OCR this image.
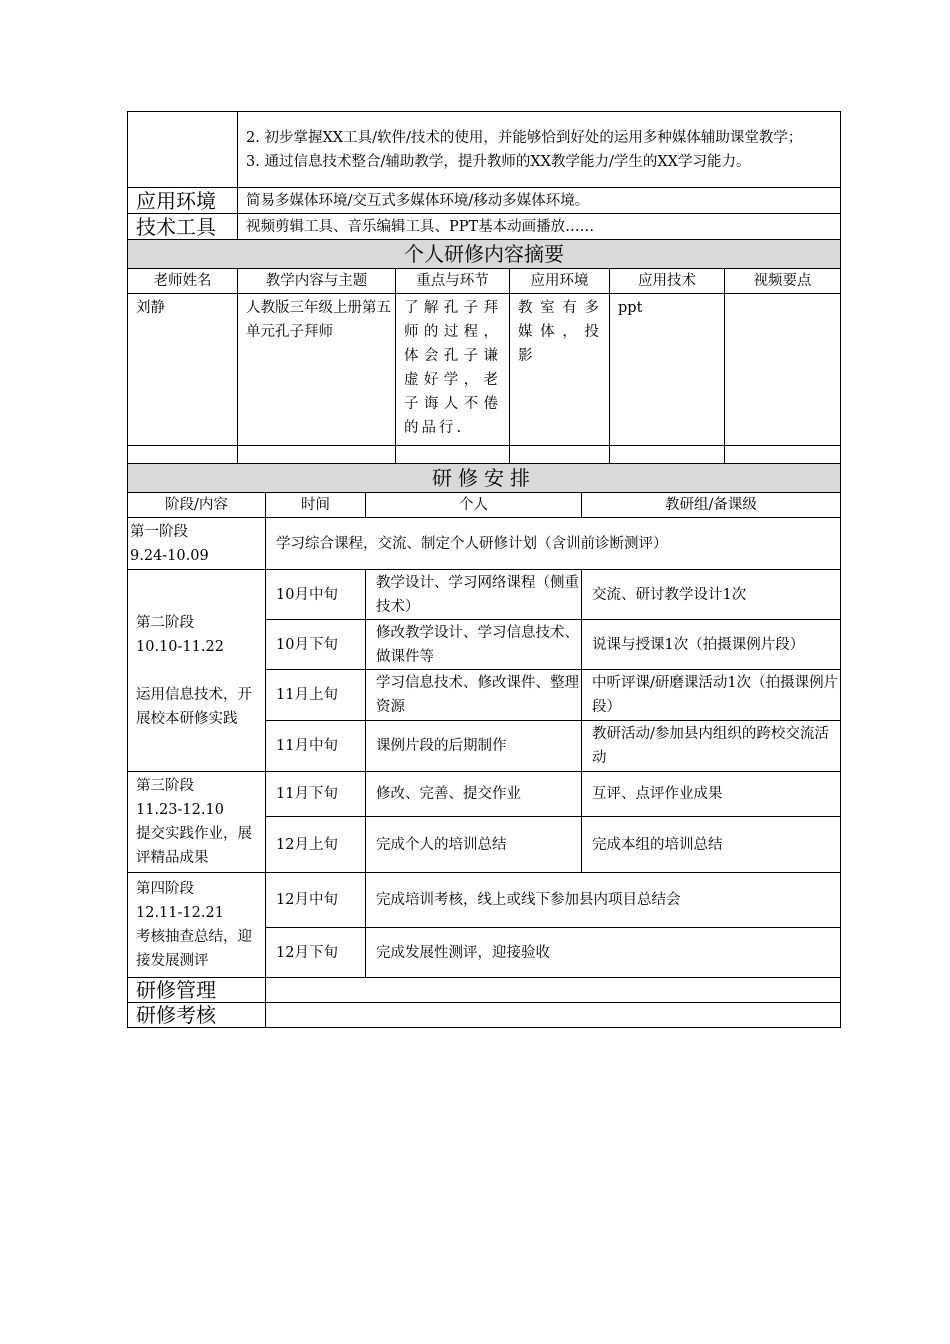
	2. 初步掌握XX工具/软件/技术的使用，并能够恰到好处的运用多种媒体辅助课堂教学；
3. 通过信息技术整合/辅助教学，提升教师的XX教学能力/学生的XX学习能力。

应用环境	简易多媒体环境/交互式多媒体环境/移动多媒体环境。
技术工具	视频剪辑工具、音乐编辑工具、PPT基本动画播放……
个人研修内容摘要					
老师姓名	教学内容与主题	重点与环节	应用环境	应用技术	视频要点
刘静	人教版三年级上册第五单元孔子拜师	了解孔子拜师的过程，体会孔子谦虚好学，老子诲人不倦的品行.	教室有多媒体，投影	ppt	

研修安排			
阶段/内容	时间	个人	教研组/备课级

第一阶段
9.24-10.09	学习综合课程，交流、制定个人研修计划（含训前诊断测评）		

第二阶段
10.10-11.22
运用信息技术，开展校本研修实践	10月中旬	教学设计、学习网络课程（侧重技术）	交流、研讨教学设计1次
	10月下旬	修改教学设计、学习信息技术、做课件等	说课与授课1次（拍摄课例片段）
	11月上旬	学习信息技术、修改课件、整理资源	中听评课/研磨课活动1次（拍摄课例片段）
	11月中旬	课例片段的后期制作	教研活动/参加县内组织的跨校交流活动

第三阶段
11.23-12.10
提交实践作业，展评精品成果	11月下旬	修改、完善、提交作业	互评、点评作业成果
	12月上旬	完成个人的培训总结	完成本组的培训总结

第四阶段
12.11-12.21
考核抽查总结，迎接发展测评	12月中旬	完成培训考核，线上或线下参加县内项目总结会	
	12月下旬	完成发展性测评，迎接验收	
研修管理			
研修考核			
